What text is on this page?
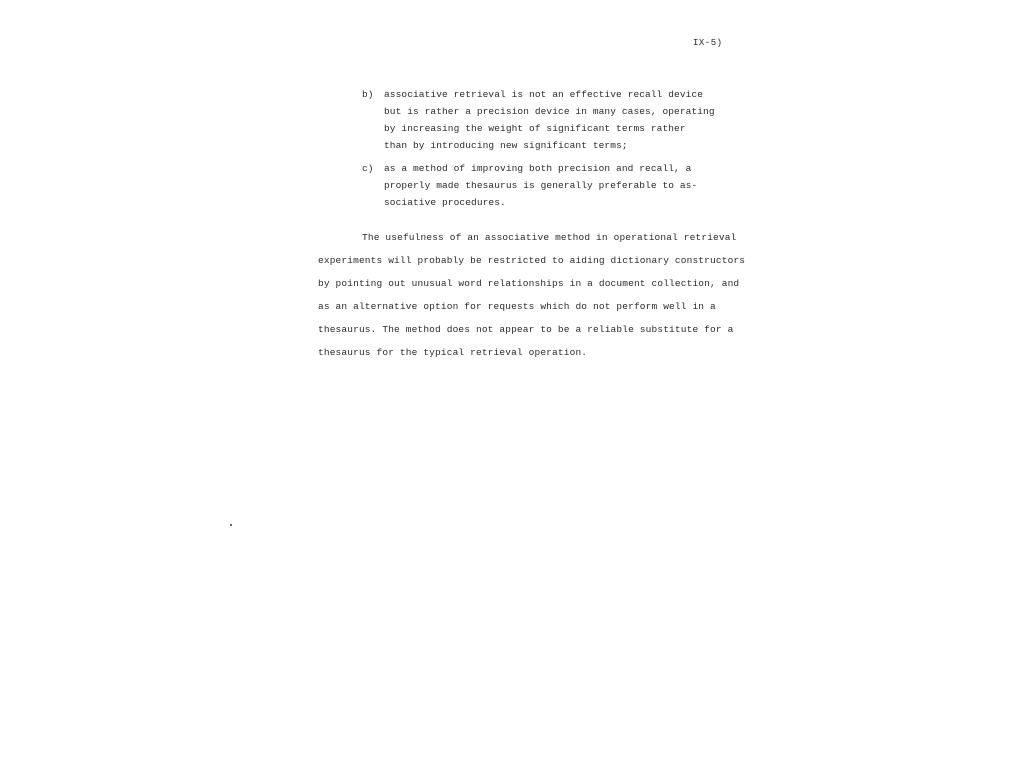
IX-5)
b) associative retrieval is not an effective recall device
but is rather a precision device in many cases, operating
by increasing the weight of significant terms rather
than by introducing new significant terms;
c) as a method of improving both precision and recall, a
properly made thesaurus is generally preferable to as-
sociative procedures.
The usefulness of an associative method in operational retrieval
experiments will probably be restricted to aiding dictionary constructors
by pointing out unusual word relationships in a document collection, and
as an alternative option for requests which do not perform well in a
thesaurus. The method does not appear to be a reliable substitute for a
thesaurus for the typical retrieval operation.
